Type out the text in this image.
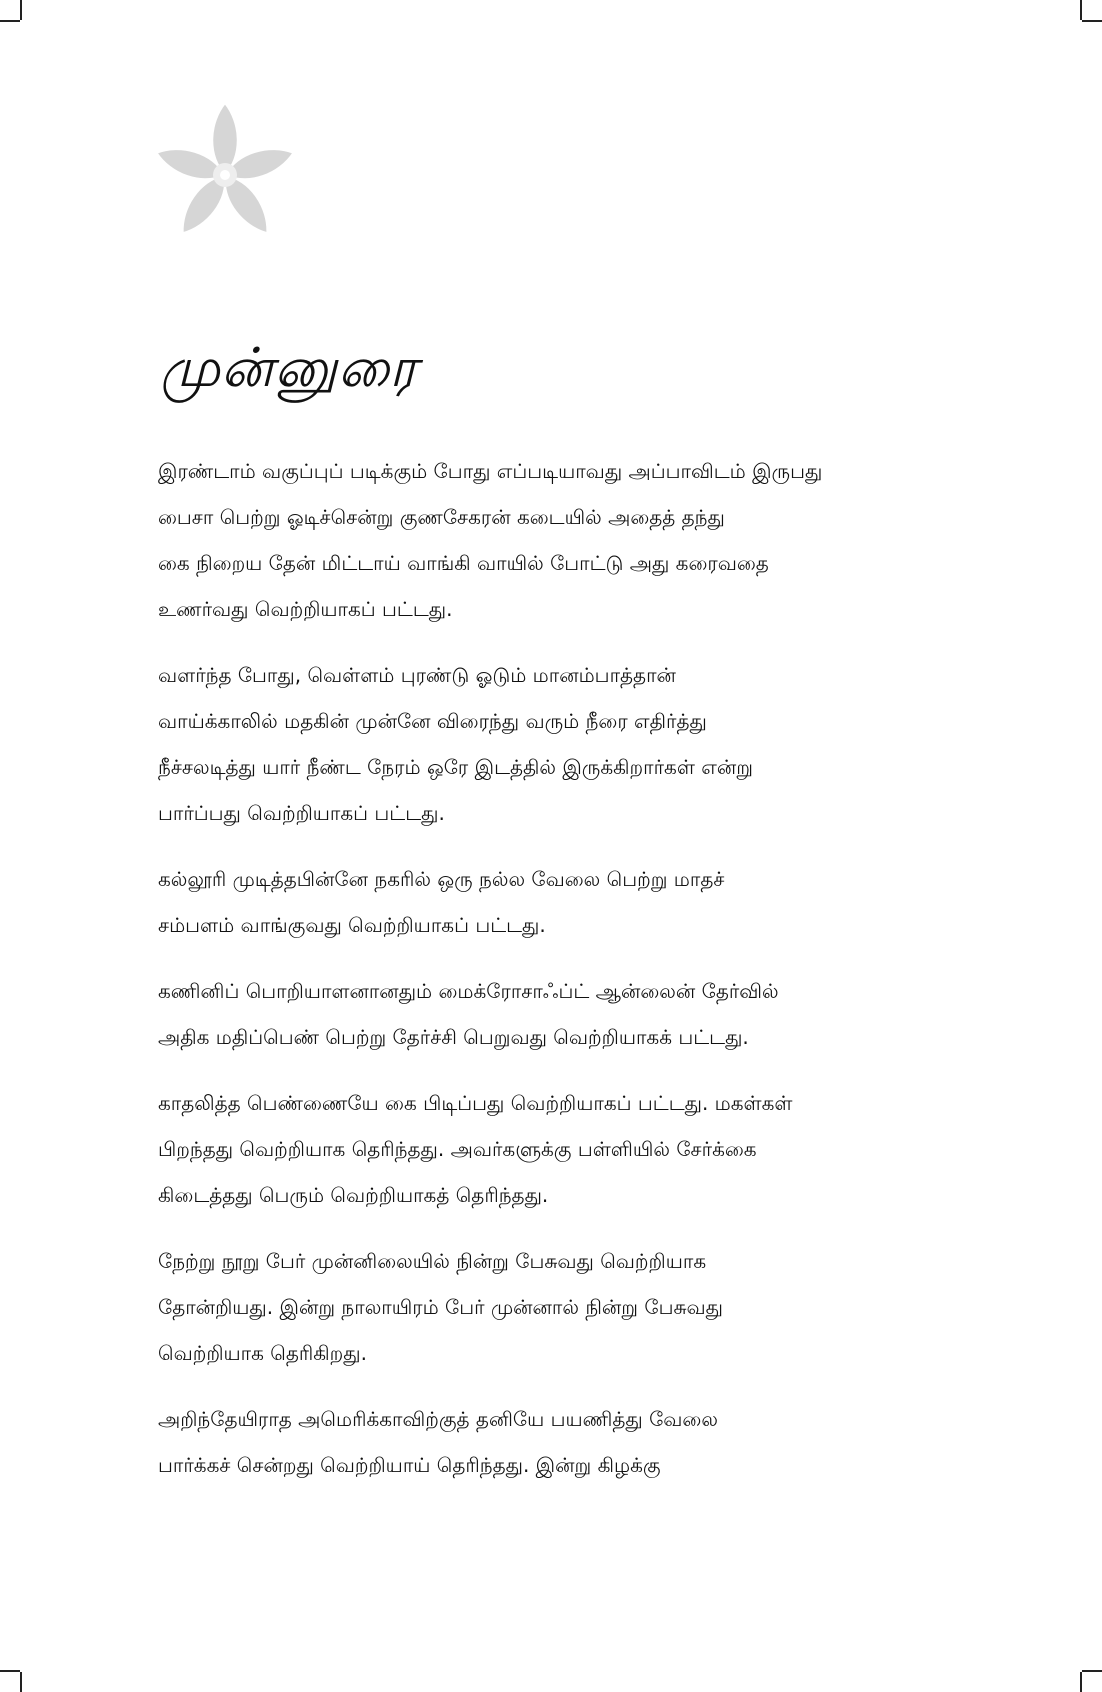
முன்னுரை

இரண்டாம் வகுப்புப் படிக்கும் போது எப்படியாவது அப்பாவிடம் இருபது
பைசா பெற்று ஓடிச்சென்று குணசேகரன் கடையில் அதைத் தந்து
கை நிறைய தேன் மிட்டாய் வாங்கி வாயில் போட்டு அது கரைவதை
உணர்வது வெற்றியாகப் பட்டது.

வளர்ந்த போது, வெள்ளம் புரண்டு ஓடும் மானம்பாத்தான்
வாய்க்காலில் மதகின் முன்னே விரைந்து வரும் நீரை எதிர்த்து
நீச்சலடித்து யார் நீண்ட நேரம் ஒரே இடத்தில் இருக்கிறார்கள் என்று
பார்ப்பது வெற்றியாகப் பட்டது.

கல்லூரி முடித்தபின்னே நகரில் ஒரு நல்ல வேலை பெற்று மாதச்
சம்பளம் வாங்குவது வெற்றியாகப் பட்டது.

கணினிப் பொறியாளனானதும் மைக்ரோசாஃப்ட் ஆன்லைன் தேர்வில்
அதிக மதிப்பெண் பெற்று தேர்ச்சி பெறுவது வெற்றியாகக் பட்டது.

காதலித்த பெண்ணையே கை பிடிப்பது வெற்றியாகப் பட்டது. மகள்கள்
பிறந்தது வெற்றியாக தெரிந்தது. அவர்களுக்கு பள்ளியில் சேர்க்கை
கிடைத்தது பெரும் வெற்றியாகத் தெரிந்தது.

நேற்று நூறு பேர் முன்னிலையில் நின்று பேசுவது வெற்றியாக
தோன்றியது. இன்று நாலாயிரம் பேர் முன்னால் நின்று பேசுவது
வெற்றியாக தெரிகிறது.

அறிந்தேயிராத அமெரிக்காவிற்குத் தனியே பயணித்து வேலை
பார்க்கச் சென்றது வெற்றியாய் தெரிந்தது. இன்று கிழக்கு
